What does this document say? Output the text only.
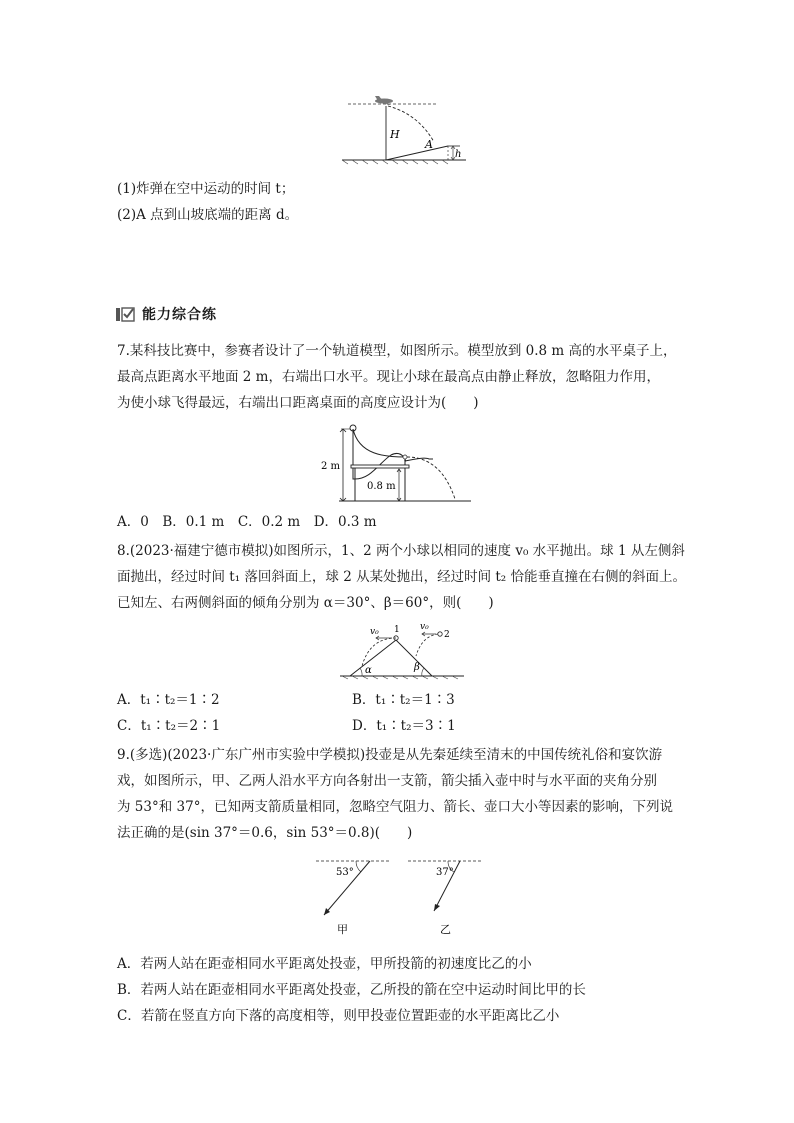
H
A
h
(1)炸弹在空中运动的时间 t；
(2)A 点到山坡底端的距离 d。
能力综合练
7.某科技比赛中，参赛者设计了一个轨道模型，如图所示。模型放到 0.8 m 高的水平桌子上，
最高点距离水平地面 2 m，右端出口水平。现让小球在最高点由静止释放，忽略阻力作用，
为使小球飞得最远，右端出口距离桌面的高度应设计为(　　)
2 m
0.8 m
A．0　B．0.1 m　C．0.2 m　D．0.3 m
8.(2023·福建宁德市模拟)如图所示，1、2 两个小球以相同的速度 v₀ 水平抛出。球 1 从左侧斜
面抛出，经过时间 t₁ 落回斜面上，球 2 从某处抛出，经过时间 t₂ 恰能垂直撞在右侧的斜面上。
已知左、右两侧斜面的倾角分别为 α＝30°、β＝60°，则(　　)
v₀ 1 v₀
2
α	β
A．t₁∶t₂＝1∶2	B．t₁∶t₂＝1∶3
C．t₁∶t₂＝2∶1	D．t₁∶t₂＝3∶1
9.(多选)(2023·广东广州市实验中学模拟)投壶是从先秦延续至清末的中国传统礼俗和宴饮游
戏，如图所示，甲、乙两人沿水平方向各射出一支箭，箭尖插入壶中时与水平面的夹角分别
为 53°和 37°，已知两支箭质量相同，忽略空气阻力、箭长、壶口大小等因素的影响，下列说
法正确的是(sin 37°＝0.6，sin 53°＝0.8)(　　)
53°
甲
37°
乙
A．若两人站在距壶相同水平距离处投壶，甲所投箭的初速度比乙的小
B．若两人站在距壶相同水平距离处投壶，乙所投的箭在空中运动时间比甲的长
C．若箭在竖直方向下落的高度相等，则甲投壶位置距壶的水平距离比乙小
